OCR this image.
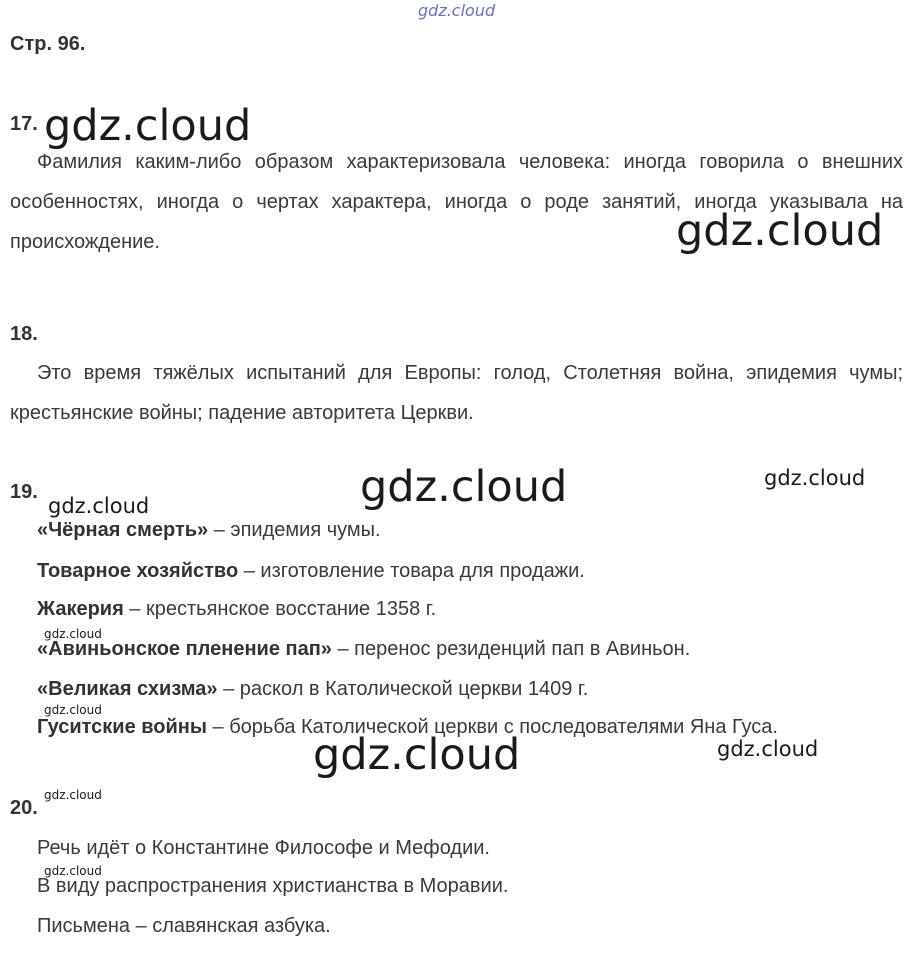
gdz.cloud
Стр. 96.
17.
Фамилия каким-либо образом характеризовала человека: иногда говорила о внешних особенностях, иногда о чертах характера, иногда о роде занятий, иногда указывала на происхождение.
18.
Это время тяжёлых испытаний для Европы: голод, Столетняя война, эпидемия чумы; крестьянские войны; падение авторитета Церкви.
19.
«Чёрная смерть» – эпидемия чумы.
Товарное хозяйство – изготовление товара для продажи.
Жакерия – крестьянское восстание 1358 г.
«Авиньонское пленение пап» – перенос резиденций пап в Авиньон.
«Великая схизма» – раскол в Католической церкви 1409 г.
Гуситские войны – борьба Католической церкви с последователями Яна Гуса.
20.
Речь идёт о Константине Философе и Мефодии.
В виду распространения христианства в Моравии.
Письмена – славянская азбука.
gdz.cloud
gdz.cloud
gdz.cloud	gdz.cloud
gdz.cloud
gdz.cloud
gdz.cloud
gdz.cloud	gdz.cloud
gdz.cloud
gdz.cloud
